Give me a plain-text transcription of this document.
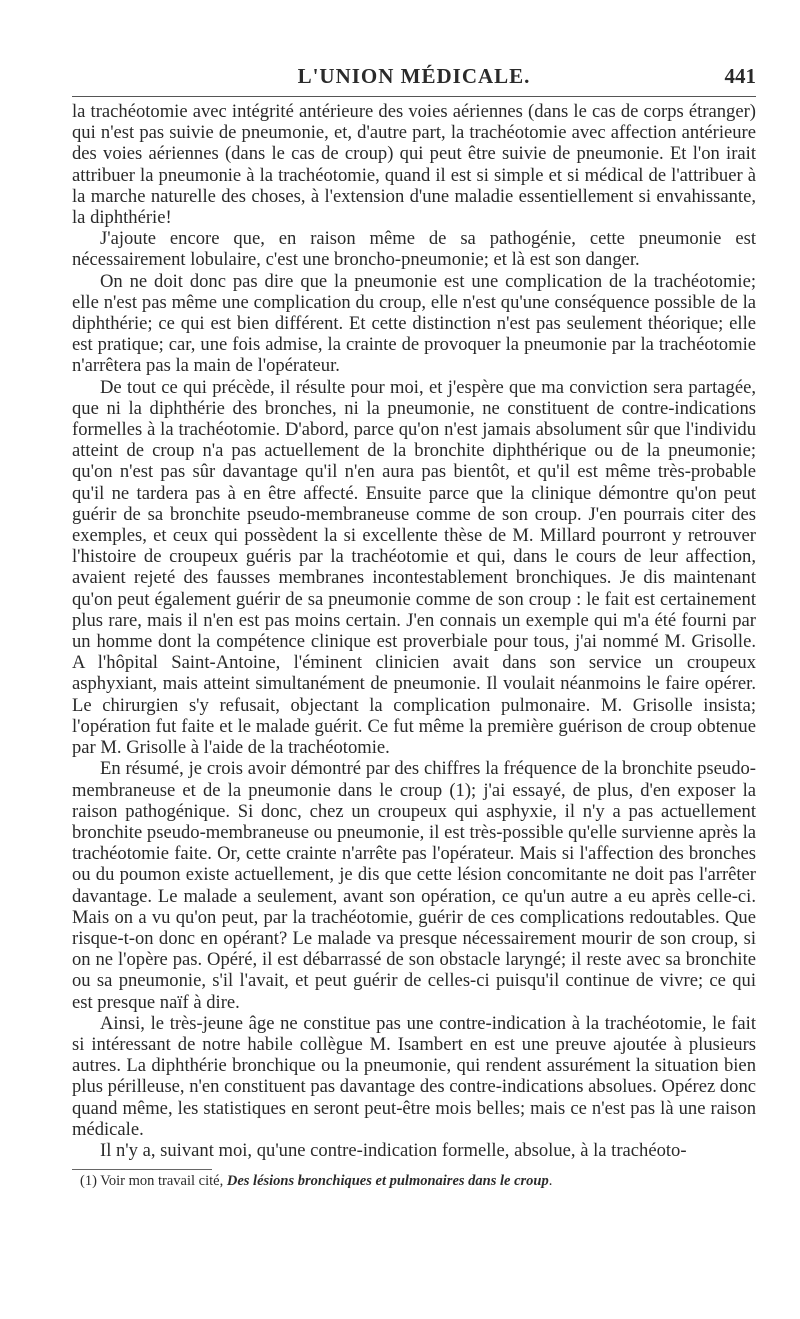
L'UNION MÉDICALE.	441

la trachéotomie avec intégrité antérieure des voies aériennes (dans le cas de corps étranger) qui n'est pas suivie de pneumonie, et, d'autre part, la trachéotomie avec affection antérieure des voies aériennes (dans le cas de croup) qui peut être suivie de pneumonie. Et l'on irait attribuer la pneumonie à la trachéotomie, quand il est si simple et si médical de l'attribuer à la marche naturelle des choses, à l'extension d'une maladie essentiellement si envahissante, la diphthérie!

J'ajoute encore que, en raison même de sa pathogénie, cette pneumonie est nécessairement lobulaire, c'est une broncho-pneumonie; et là est son danger.

On ne doit donc pas dire que la pneumonie est une complication de la trachéotomie; elle n'est pas même une complication du croup, elle n'est qu'une conséquence possible de la diphthérie; ce qui est bien différent. Et cette distinction n'est pas seulement théorique; elle est pratique; car, une fois admise, la crainte de provoquer la pneumonie par la trachéotomie n'arrêtera pas la main de l'opérateur.

De tout ce qui précède, il résulte pour moi, et j'espère que ma conviction sera partagée, que ni la diphthérie des bronches, ni la pneumonie, ne constituent de contre-indications formelles à la trachéotomie. D'abord, parce qu'on n'est jamais absolument sûr que l'individu atteint de croup n'a pas actuellement de la bronchite diphthérique ou de la pneumonie; qu'on n'est pas sûr davantage qu'il n'en aura pas bientôt, et qu'il est même très-probable qu'il ne tardera pas à en être affecté. Ensuite parce que la clinique démontre qu'on peut guérir de sa bronchite pseudo-membraneuse comme de son croup. J'en pourrais citer des exemples, et ceux qui possèdent la si excellente thèse de M. Millard pourront y retrouver l'histoire de croupeux guéris par la trachéotomie et qui, dans le cours de leur affection, avaient rejeté des fausses membranes incontestablement bronchiques. Je dis maintenant qu'on peut également guérir de sa pneumonie comme de son croup : le fait est certainement plus rare, mais il n'en est pas moins certain. J'en connais un exemple qui m'a été fourni par un homme dont la compétence clinique est proverbiale pour tous, j'ai nommé M. Grisolle. A l'hôpital Saint-Antoine, l'éminent clinicien avait dans son service un croupeux asphyxiant, mais atteint simultanément de pneumonie. Il voulait néanmoins le faire opérer. Le chirurgien s'y refusait, objectant la complication pulmonaire. M. Grisolle insista; l'opération fut faite et le malade guérit. Ce fut même la première guérison de croup obtenue par M. Grisolle à l'aide de la trachéotomie.

En résumé, je crois avoir démontré par des chiffres la fréquence de la bronchite pseudo-membraneuse et de la pneumonie dans le croup (1); j'ai essayé, de plus, d'en exposer la raison pathogénique. Si donc, chez un croupeux qui asphyxie, il n'y a pas actuellement bronchite pseudo-membraneuse ou pneumonie, il est très-possible qu'elle survienne après la trachéotomie faite. Or, cette crainte n'arrête pas l'opérateur. Mais si l'affection des bronches ou du poumon existe actuellement, je dis que cette lésion concomitante ne doit pas l'arrêter davantage. Le malade a seulement, avant son opération, ce qu'un autre a eu après celle-ci. Mais on a vu qu'on peut, par la trachéotomie, guérir de ces complications redoutables. Que risque-t-on donc en opérant? Le malade va presque nécessairement mourir de son croup, si on ne l'opère pas. Opéré, il est débarrassé de son obstacle laryngé; il reste avec sa bronchite ou sa pneumonie, s'il l'avait, et peut guérir de celles-ci puisqu'il continue de vivre; ce qui est presque naïf à dire.

Ainsi, le très-jeune âge ne constitue pas une contre-indication à la trachéotomie, le fait si intéressant de notre habile collègue M. Isambert en est une preuve ajoutée à plusieurs autres. La diphthérie bronchique ou la pneumonie, qui rendent assurément la situation bien plus périlleuse, n'en constituent pas davantage des contre-indications absolues. Opérez donc quand même, les statistiques en seront peut-être mois belles; mais ce n'est pas là une raison médicale.

Il n'y a, suivant moi, qu'une contre-indication formelle, absolue, à la trachéoto-

(1) Voir mon travail cité, Des lésions bronchiques et pulmonaires dans le croup.
